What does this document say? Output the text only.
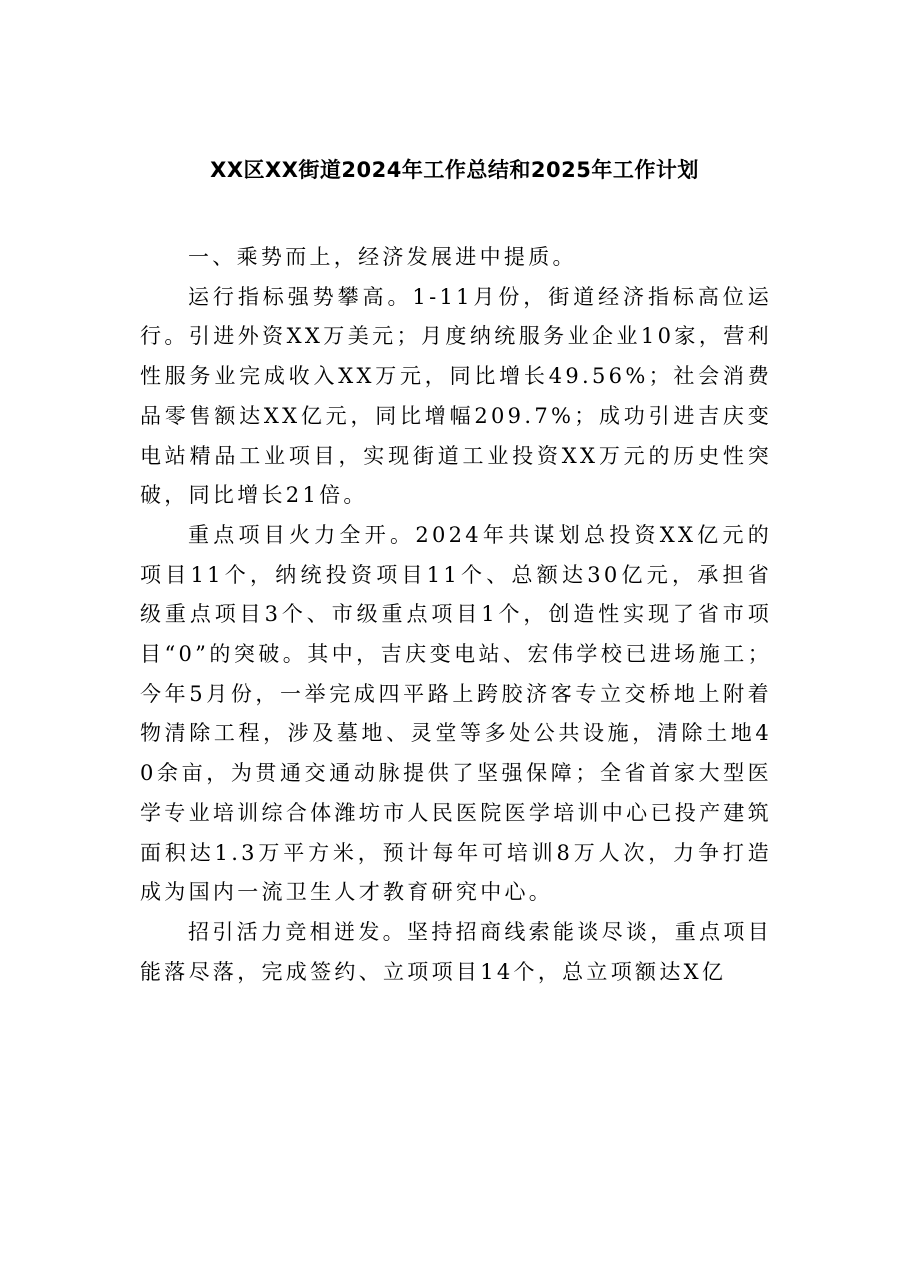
XX区XX街道2024年工作总结和2025年工作计划

一、乘势而上，经济发展进中提质。

运行指标强势攀高。1-11月份，街道经济指标高位运行。引进外资XX万美元；月度纳统服务业企业10家，营利性服务业完成收入XX万元，同比增长49.56%；社会消费品零售额达XX亿元，同比增幅209.7%；成功引进吉庆变电站精品工业项目，实现街道工业投资XX万元的历史性突破，同比增长21倍。

重点项目火力全开。2024年共谋划总投资XX亿元的项目11个，纳统投资项目11个、总额达30亿元，承担省级重点项目3个、市级重点项目1个，创造性实现了省市项目“0”的突破。其中，吉庆变电站、宏伟学校已进场施工；今年5月份，一举完成四平路上跨胶济客专立交桥地上附着物清除工程，涉及墓地、灵堂等多处公共设施，清除土地40余亩，为贯通交通动脉提供了坚强保障；全省首家大型医学专业培训综合体潍坊市人民医院医学培训中心已投产建筑面积达1.3万平方米，预计每年可培训8万人次，力争打造成为国内一流卫生人才教育研究中心。

招引活力竞相迸发。坚持招商线索能谈尽谈，重点项目能落尽落，完成签约、立项项目14个，总立项额达X亿
